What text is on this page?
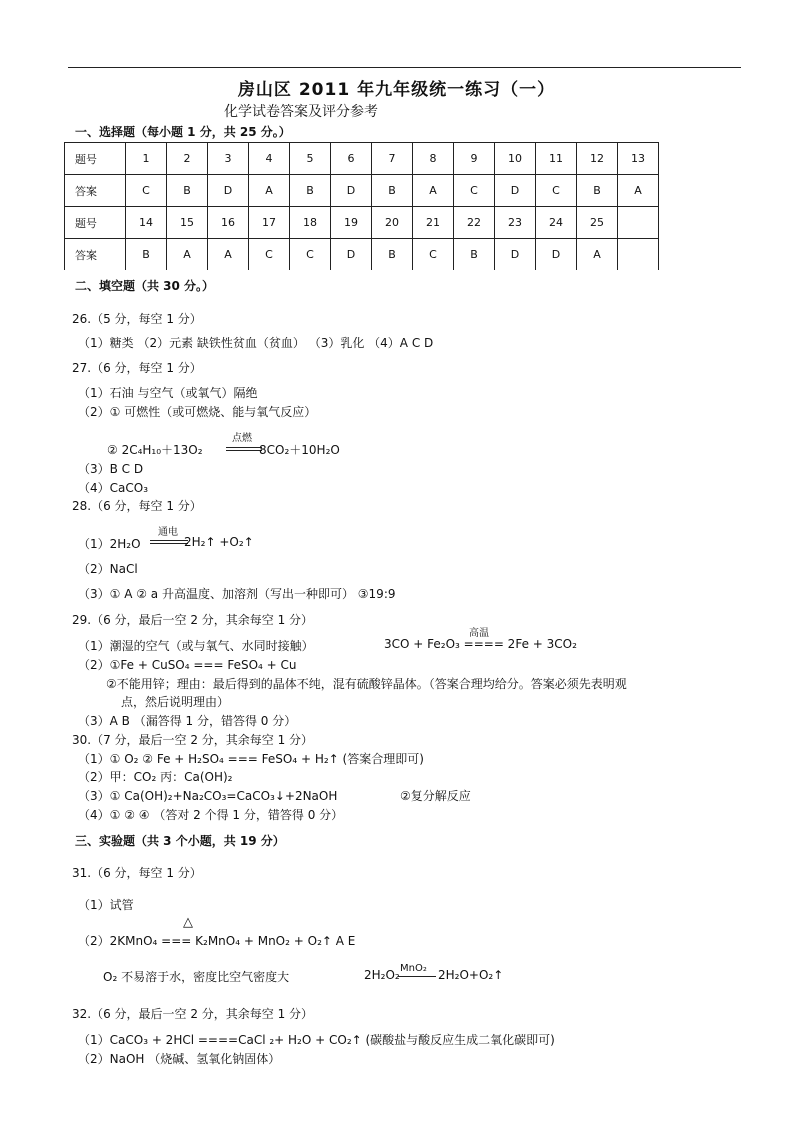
房山区 2011 年九年级统一练习（一）
化学试卷答案及评分参考
一、选择题（每小题 1 分，共 25 分。）
题号	1	2	3	4	5	6	7	8	9	10	11	12	13
答案	C	B	D	A	B	D	B	A	C	D	C	B	A
题号	14	15	16	17	18	19	20	21	22	23	24	25	
答案	B	A	A	C	C	D	B	C	B	D	D	A	
二、填空题（共 30 分。）
26.（5 分，每空 1 分）
（1）糖类 （2）元素 缺铁性贫血（贫血） （3）乳化 （4）A C D
27.（6 分，每空 1 分）
（1）石油 与空气（或氧气）隔绝
（2）① 可燃性（或可燃烧、能与氧气反应）
点燃
② 2C₄H₁₀＋13O₂	8CO₂＋10H₂O
（3）B C D
（4）CaCO₃
28.（6 分，每空 1 分）
通电
（1）2H₂O	2H₂↑ +O₂↑
（2）NaCl
（3）① A ② a 升高温度、加溶剂（写出一种即可） ③19:9
29.（6 分，最后一空 2 分，其余每空 1 分）
高温
（1）潮湿的空气（或与氧气、水同时接触）	3CO + Fe₂O₃ ==== 2Fe + 3CO₂
（2）①Fe + CuSO₄ === FeSO₄ + Cu
②不能用锌；理由：最后得到的晶体不纯，混有硫酸锌晶体。（答案合理均给分。答案必须先表明观
点，然后说明理由）
（3）A B （漏答得 1 分，错答得 0 分）
30.（7 分，最后一空 2 分，其余每空 1 分）
（1）① O₂ ② Fe + H₂SO₄ === FeSO₄ + H₂↑ (答案合理即可)
（2）甲：CO₂ 丙：Ca(OH)₂
（3）① Ca(OH)₂+Na₂CO₃=CaCO₃↓+2NaOH	②复分解反应
（4）① ② ④ （答对 2 个得 1 分，错答得 0 分）
三、实验题（共 3 个小题，共 19 分）
31.（6 分，每空 1 分）
（1）试管
△
（2）2KMnO₄ === K₂MnO₄ + MnO₂ + O₂↑ A E
O₂ 不易溶于水，密度比空气密度大	2H₂O₂ MnO₂ 2H₂O+O₂↑
32.（6 分，最后一空 2 分，其余每空 1 分）
（1）CaCO₃ + 2HCl ====CaCl ₂+ H₂O + CO₂↑ (碳酸盐与酸反应生成二氧化碳即可)
（2）NaOH （烧碱、氢氧化钠固体）
